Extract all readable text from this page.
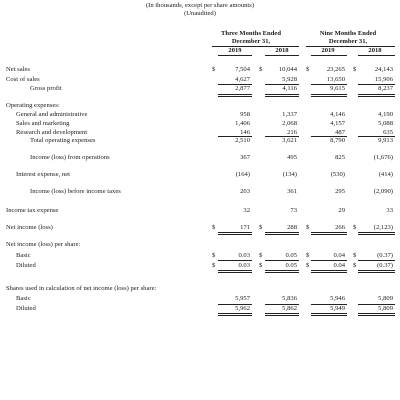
(In thousands, except per share amounts)
(Unaudited)
Three Months Ended
December 31,
Nine Months Ended
December 31,
2019	2018	2019	2018
Net sales	$	7,504 $	10,044 $	23,265 $	24,143
Cost of sales	4,627	5,928	13,650	15,906
Gross profit	2,877	4,116	9,615	8,237
Operating expenses:
General and administrative	958	1,337	4,146	4,190
Sales and marketing	1,406	2,068	4,157	5,088
Research and development	146	216	487	635
Total operating expenses	2,510	3,621	8,790	9,913
Income (loss) from operations	367	495	825	(1,676)
Interest expense, net	(164)	(134)	(530)	(414)
Income (loss) before income taxes	203	361	295	(2,090)
Income tax expense	32	73	29	33
Net income (loss)	$	171 $	288 $	266 $	(2,123)
Net income (loss) per share:
Basic	$	0.03 $	0.05 $	0.04 $	(0.37)
Diluted	$	0.03 $	0.05 $	0.04 $	(0.37)
Shares used in calculation of net income (loss) per share:
Basic	5,957	5,836	5,946	5,809
Diluted	5,962	5,862	5,949	5,809
